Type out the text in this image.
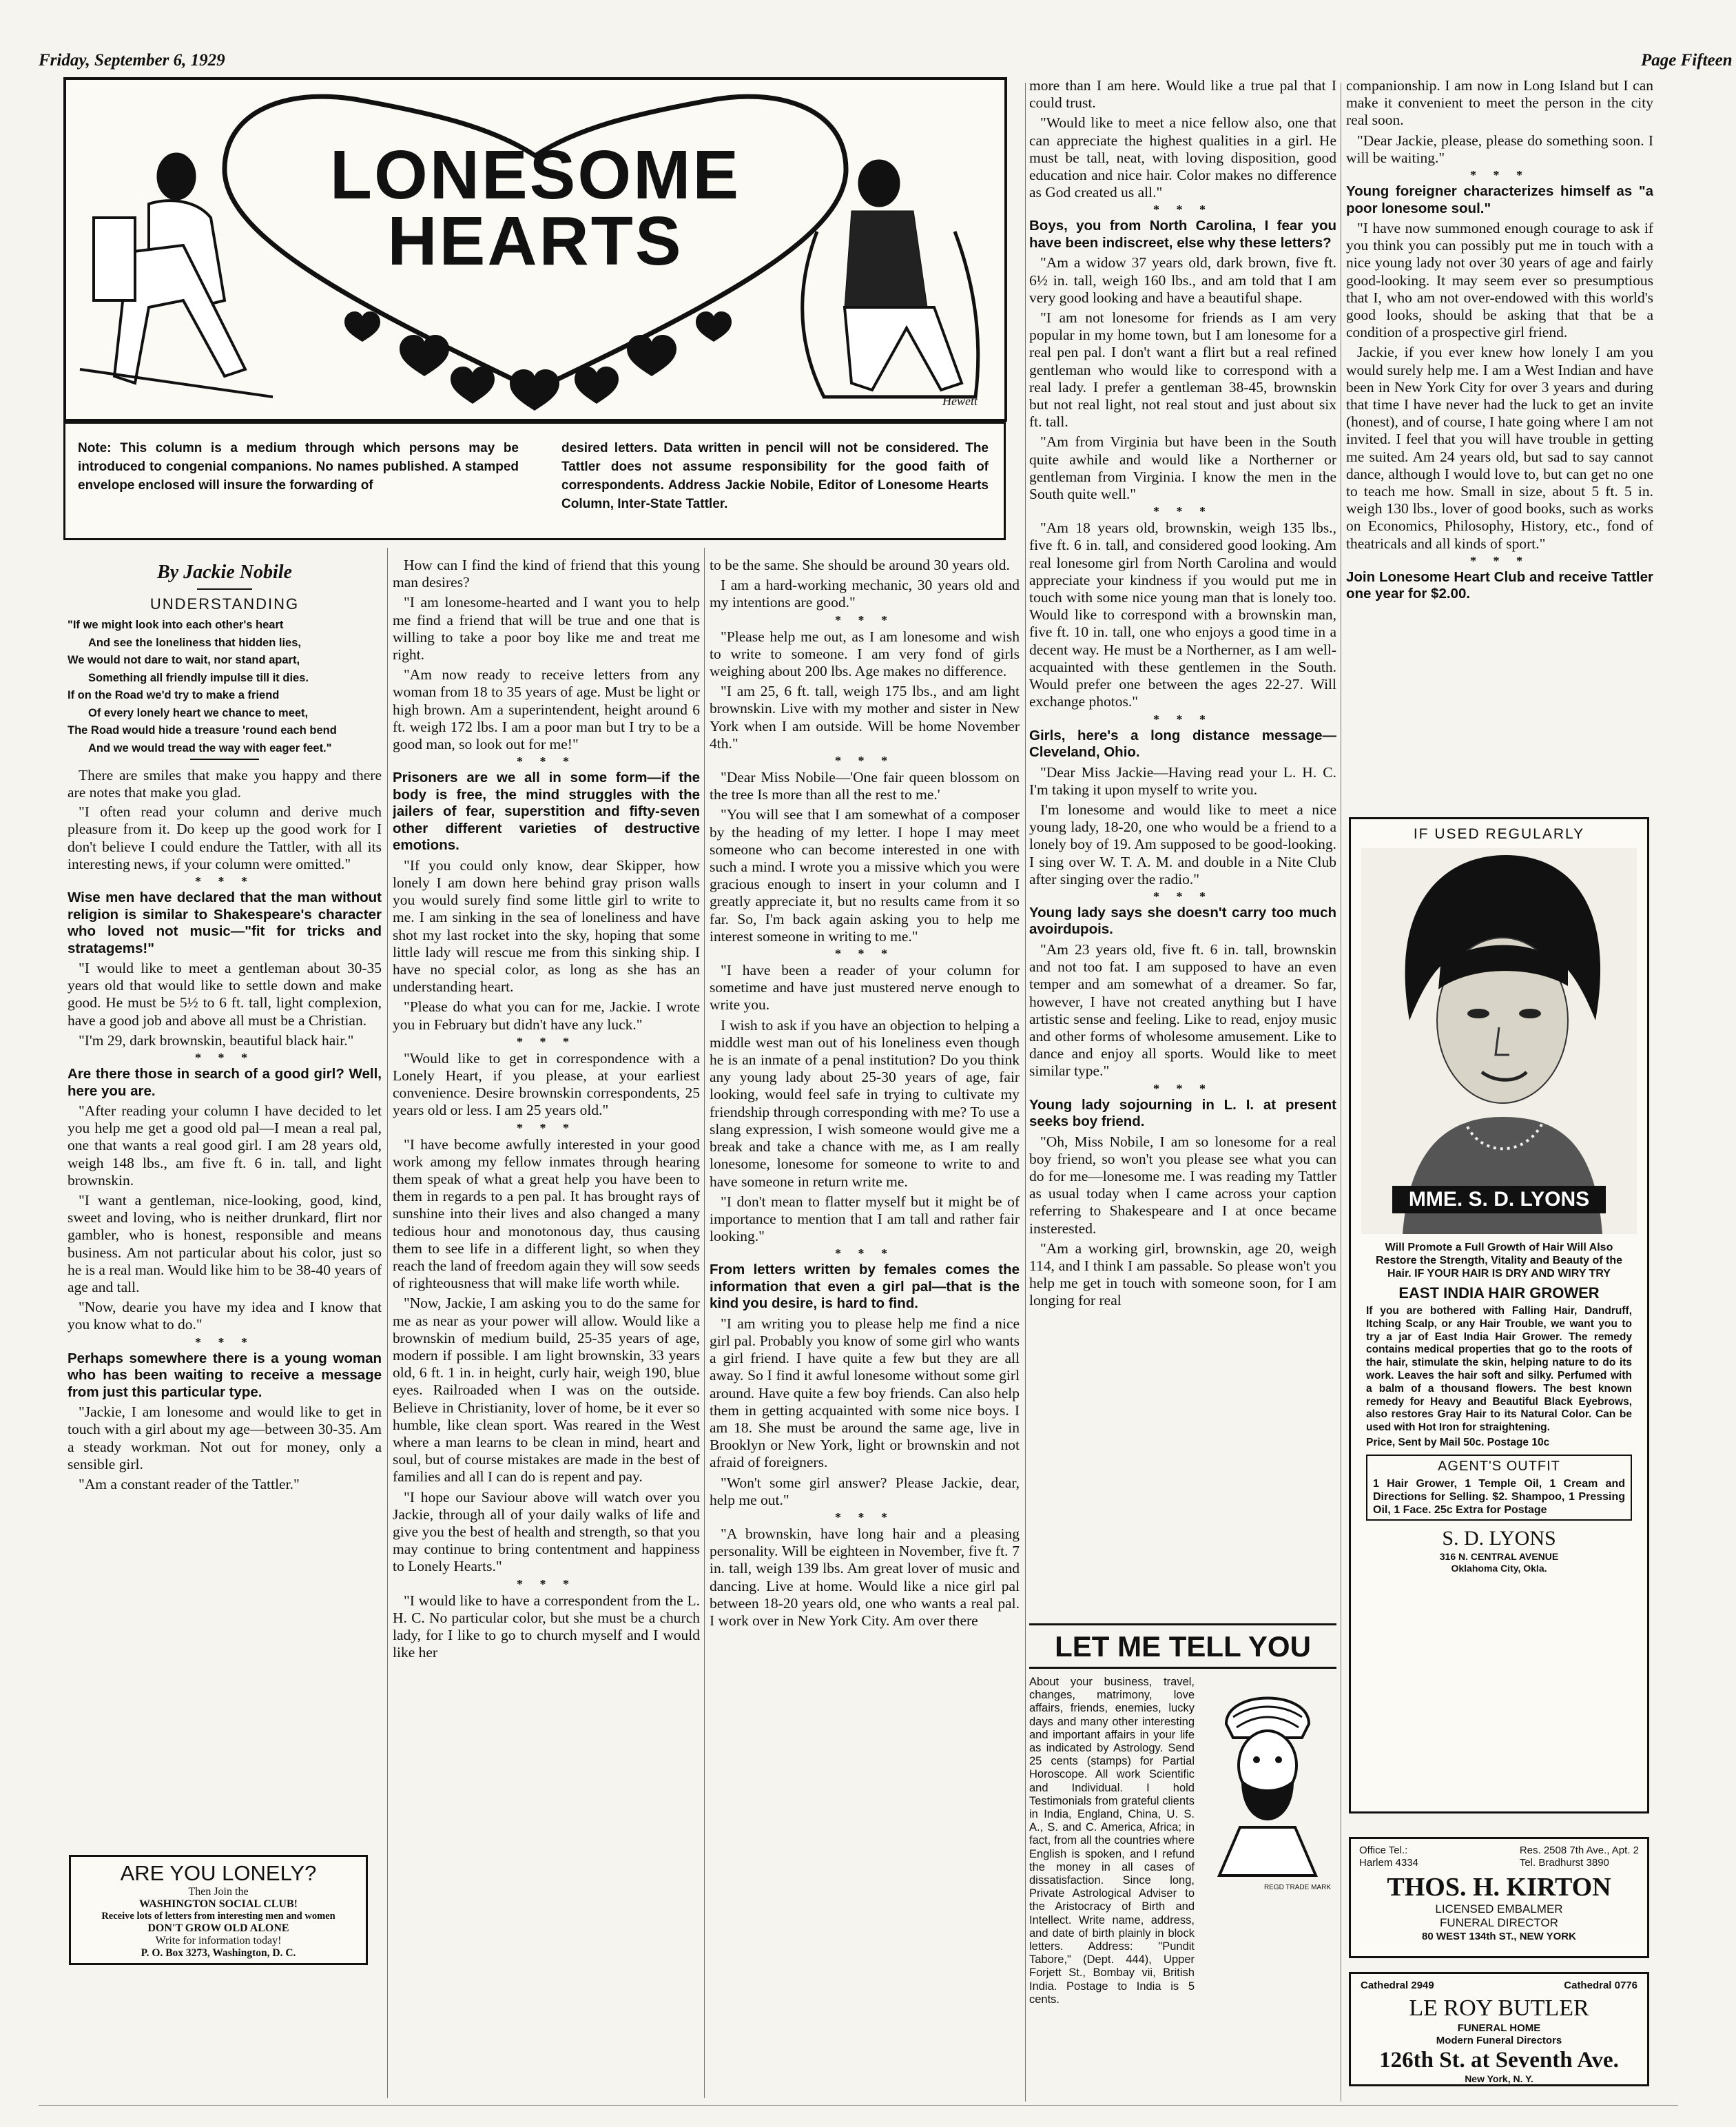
Friday, September 6, 1929	Page Fifteen
LONESOME
HEARTS
Hewett
Note: This column is a medium through which persons may be introduced to congenial companions. No names published. A stamped envelope enclosed will insure the forwarding of
desired letters. Data written in pencil will not be considered. The Tattler does not assume responsibility for the good faith of correspondents. Address Jackie Nobile, Editor of Lonesome Hearts Column, Inter-State Tattler.
By Jackie Nobile
UNDERSTANDING
"If we might look into each other's heart
And see the loneliness that hidden lies,
We would not dare to wait, nor stand apart,
Something all friendly impulse till it dies.
If on the Road we'd try to make a friend
Of every lonely heart we chance to meet,
The Road would hide a treasure 'round each bend
And we would tread the way with eager feet."

There are smiles that make you happy and there are notes that make you glad.

"I often read your column and derive much pleasure from it. Do keep up the good work for I don't believe I could endure the Tattler, with all its interesting news, if your column were omitted."

* * *

Wise men have declared that the man without religion is similar to Shakespeare's character who loved not music—"fit for tricks and stratagems!"

"I would like to meet a gentleman about 30-35 years old that would like to settle down and make good. He must be 5½ to 6 ft. tall, light complexion, have a good job and above all must be a Christian.

"I'm 29, dark brownskin, beautiful black hair."

* * *

Are there those in search of a good girl? Well, here you are.

"After reading your column I have decided to let you help me get a good old pal—I mean a real pal, one that wants a real good girl. I am 28 years old, weigh 148 lbs., am five ft. 6 in. tall, and light brownskin.

"I want a gentleman, nice-looking, good, kind, sweet and loving, who is neither drunkard, flirt nor gambler, who is honest, responsible and means business. Am not particular about his color, just so he is a real man. Would like him to be 38-40 years of age and tall.

"Now, dearie you have my idea and I know that you know what to do."

* * *

Perhaps somewhere there is a young woman who has been waiting to receive a message from just this particular type.

"Jackie, I am lonesome and would like to get in touch with a girl about my age—between 30-35. Am a steady workman. Not out for money, only a sensible girl.

"Am a constant reader of the Tattler."

ARE YOU LONELY?
Then Join the
WASHINGTON SOCIAL CLUB!
Receive lots of letters from interesting men and women
DON'T GROW OLD ALONE
Write for information today!
P. O. Box 3273, Washington, D. C.

How can I find the kind of friend that this young man desires?

"I am lonesome-hearted and I want you to help me find a friend that will be true and one that is willing to take a poor boy like me and treat me right.

"Am now ready to receive letters from any woman from 18 to 35 years of age. Must be light or high brown. Am a superintendent, height around 6 ft. weigh 172 lbs. I am a poor man but I try to be a good man, so look out for me!"

* * *

Prisoners are we all in some form—if the body is free, the mind struggles with the jailers of fear, superstition and fifty-seven other different varieties of destructive emotions.

"If you could only know, dear Skipper, how lonely I am down here behind gray prison walls you would surely find some little girl to write to me. I am sinking in the sea of loneliness and have shot my last rocket into the sky, hoping that some little lady will rescue me from this sinking ship. I have no special color, as long as she has an understanding heart.

"Please do what you can for me, Jackie. I wrote you in February but didn't have any luck."

* * *

"Would like to get in correspondence with a Lonely Heart, if you please, at your earliest convenience. Desire brownskin correspondents, 25 years old or less. I am 25 years old."

* * *

"I have become awfully interested in your good work among my fellow inmates through hearing them speak of what a great help you have been to them in regards to a pen pal. It has brought rays of sunshine into their lives and also changed a many tedious hour and monotonous day, thus causing them to see life in a different light, so when they reach the land of freedom again they will sow seeds of righteousness that will make life worth while.

"Now, Jackie, I am asking you to do the same for me as near as your power will allow. Would like a brownskin of medium build, 25-35 years of age, modern if possible. I am light brownskin, 33 years old, 6 ft. 1 in. in height, curly hair, weigh 190, blue eyes. Railroaded when I was on the outside. Believe in Christianity, lover of home, be it ever so humble, like clean sport. Was reared in the West where a man learns to be clean in mind, heart and soul, but of course mistakes are made in the best of families and all I can do is repent and pay.

"I hope our Saviour above will watch over you Jackie, through all of your daily walks of life and give you the best of health and strength, so that you may continue to bring contentment and happiness to Lonely Hearts."

* * *

"I would like to have a correspondent from the L. H. C. No particular color, but she must be a church lady, for I like to go to church myself and I would like her

to be the same. She should be around 30 years old.

I am a hard-working mechanic, 30 years old and my intentions are good."

* * *

"Please help me out, as I am lonesome and wish to write to someone. I am very fond of girls weighing about 200 lbs. Age makes no difference.

"I am 25, 6 ft. tall, weigh 175 lbs., and am light brownskin. Live with my mother and sister in New York when I am outside. Will be home November 4th."

* * *

"Dear Miss Nobile—'One fair queen blossom on the tree Is more than all the rest to me.'

"You will see that I am somewhat of a composer by the heading of my letter. I hope I may meet someone who can become interested in one with such a mind. I wrote you a missive which you were gracious enough to insert in your column and I greatly appreciate it, but no results came from it so far. So, I'm back again asking you to help me interest someone in writing to me."

* * *

"I have been a reader of your column for sometime and have just mustered nerve enough to write you.

I wish to ask if you have an objection to helping a middle west man out of his loneliness even though he is an inmate of a penal institution? Do you think any young lady about 25-30 years of age, fair looking, would feel safe in trying to cultivate my friendship through corresponding with me? To use a slang expression, I wish someone would give me a break and take a chance with me, as I am really lonesome, lonesome for someone to write to and have someone in return write me.

"I don't mean to flatter myself but it might be of importance to mention that I am tall and rather fair looking."

* * *

From letters written by females comes the information that even a girl pal—that is the kind you desire, is hard to find.

"I am writing you to please help me find a nice girl pal. Probably you know of some girl who wants a girl friend. I have quite a few but they are all away. So I find it awful lonesome without some girl around. Have quite a few boy friends. Can also help them in getting acquainted with some nice boys. I am 18. She must be around the same age, live in Brooklyn or New York, light or brownskin and not afraid of foreigners.

"Won't some girl answer? Please Jackie, dear, help me out."

* * *

"A brownskin, have long hair and a pleasing personality. Will be eighteen in November, five ft. 7 in. tall, weigh 139 lbs. Am great lover of music and dancing. Live at home. Would like a nice girl pal between 18-20 years old, one who wants a real pal. I work over in New York City. Am over there

more than I am here. Would like a true pal that I could trust.

"Would like to meet a nice fellow also, one that can appreciate the highest qualities in a girl. He must be tall, neat, with loving disposition, good education and nice hair. Color makes no difference as God created us all."

* * *

Boys, you from North Carolina, I fear you have been indiscreet, else why these letters?

"Am a widow 37 years old, dark brown, five ft. 6½ in. tall, weigh 160 lbs., and am told that I am very good looking and have a beautiful shape.

"I am not lonesome for friends as I am very popular in my home town, but I am lonesome for a real pen pal. I don't want a flirt but a real refined gentleman who would like to correspond with a real lady. I prefer a gentleman 38-45, brownskin but not real light, not real stout and just about six ft. tall.

"Am from Virginia but have been in the South quite awhile and would like a Northerner or gentleman from Virginia. I know the men in the South quite well."

* * *

"Am 18 years old, brownskin, weigh 135 lbs., five ft. 6 in. tall, and considered good looking. Am real lonesome girl from North Carolina and would appreciate your kindness if you would put me in touch with some nice young man that is lonely too. Would like to correspond with a brownskin man, five ft. 10 in. tall, one who enjoys a good time in a decent way. He must be a Northerner, as I am well-acquainted with these gentlemen in the South. Would prefer one between the ages 22-27. Will exchange photos."

* * *

Girls, here's a long distance message—Cleveland, Ohio.

"Dear Miss Jackie—Having read your L. H. C. I'm taking it upon myself to write you.

I'm lonesome and would like to meet a nice young lady, 18-20, one who would be a friend to a lonely boy of 19. Am supposed to be good-looking. I sing over W. T. A. M. and double in a Nite Club after singing over the radio."

* * *

Young lady says she doesn't carry too much avoirdupois.

"Am 23 years old, five ft. 6 in. tall, brownskin and not too fat. I am supposed to have an even temper and am somewhat of a dreamer. So far, however, I have not created anything but I have artistic sense and feeling. Like to read, enjoy music and other forms of wholesome amusement. Like to dance and enjoy all sports. Would like to meet similar type."

* * *

Young lady sojourning in L. I. at present seeks boy friend.

"Oh, Miss Nobile, I am so lonesome for a real boy friend, so won't you please see what you can do for me—lonesome me. I was reading my Tattler as usual today when I came across your caption referring to Shakespeare and I at once became insterested.

"Am a working girl, brownskin, age 20, weigh 114, and I think I am passable. So please won't you help me get in touch with someone soon, for I am longing for real

LET ME TELL YOU
REGD TRADE MARK
About your business, travel, changes, matrimony, love affairs, friends, enemies, lucky days and many other interesting and important affairs in your life as indicated by Astrology. Send 25 cents (stamps) for Partial Horoscope. All work Scientific and Individual. I hold Testimonials from grateful clients in India, England, China, U. S. A., S. and C. America, Africa; in fact, from all the countries where English is spoken, and I refund the money in all cases of dissatisfaction. Since long, Private Astrological Adviser to the Aristocracy of Birth and Intellect. Write name, address, and date of birth plainly in block letters. Address: "Pundit Tabore," (Dept. 444), Upper Forjett St., Bombay vii, British India. Postage to India is 5 cents.

companionship. I am now in Long Island but I can make it convenient to meet the person in the city real soon.

"Dear Jackie, please, please do something soon. I will be waiting."

* * *

Young foreigner characterizes himself as "a poor lonesome soul."

"I have now summoned enough courage to ask if you think you can possibly put me in touch with a nice young lady not over 30 years of age and fairly good-looking. It may seem ever so presumptious that I, who am not over-endowed with this world's good looks, should be asking that that be a condition of a prospective girl friend.

Jackie, if you ever knew how lonely I am you would surely help me. I am a West Indian and have been in New York City for over 3 years and during that time I have never had the luck to get an invite (honest), and of course, I hate going where I am not invited. I feel that you will have trouble in getting me suited. Am 24 years old, but sad to say cannot dance, although I would love to, but can get no one to teach me how. Small in size, about 5 ft. 5 in. weigh 130 lbs., lover of good books, such as works on Economics, Philosophy, History, etc., fond of theatricals and all kinds of sport."

* * *

Join Lonesome Heart Club and receive Tattler one year for $2.00.

IF USED REGULARLY
MME. S. D. LYONS
Will Promote a Full Growth of Hair Will Also Restore the Strength, Vitality and Beauty of the Hair. IF YOUR HAIR IS DRY AND WIRY TRY
EAST INDIA HAIR GROWER
If you are bothered with Falling Hair, Dandruff, Itching Scalp, or any Hair Trouble, we want you to try a jar of East India Hair Grower. The remedy contains medical properties that go to the roots of the hair, stimulate the skin, helping nature to do its work. Leaves the hair soft and silky. Perfumed with a balm of a thousand flowers. The best known remedy for Heavy and Beautiful Black Eyebrows, also restores Gray Hair to its Natural Color. Can be used with Hot Iron for straightening.
Price, Sent by Mail 50c. Postage 10c
AGENT'S OUTFIT
1 Hair Grower, 1 Temple Oil, 1 Cream and Directions for Selling. $2. Shampoo, 1 Pressing Oil, 1 Face. 25c Extra for Postage
S. D. LYONS
316 N. CENTRAL AVENUE
Oklahoma City, Okla.
Office Tel.:
Harlem 4334
Res. 2508 7th Ave., Apt. 2
Tel. Bradhurst 3890
THOS. H. KIRTON
LICENSED EMBALMER
FUNERAL DIRECTOR
80 WEST 134th ST., NEW YORK
Cathedral 2949	Cathedral 0776
LE ROY BUTLER
FUNERAL HOME
Modern Funeral Directors
126th St. at Seventh Ave.
New York, N. Y.
